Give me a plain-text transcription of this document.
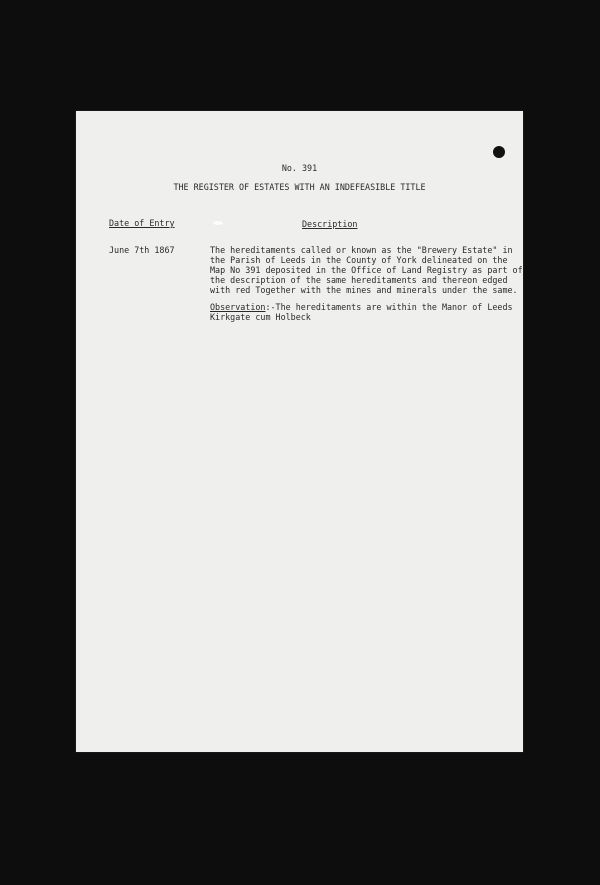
No. 391
THE REGISTER OF ESTATES WITH AN INDEFEASIBLE TITLE
Date of Entry	Description
June 7th 1867	The hereditaments called or known as the "Brewery Estate" in
the Parish of Leeds in the County of York delineated on the
Map No 391 deposited in the Office of Land Registry as part of
the description of the same hereditaments and thereon edged
with red Together with the mines and minerals under the same.
Observation:-The hereditaments are within the Manor of Leeds
Kirkgate cum Holbeck
